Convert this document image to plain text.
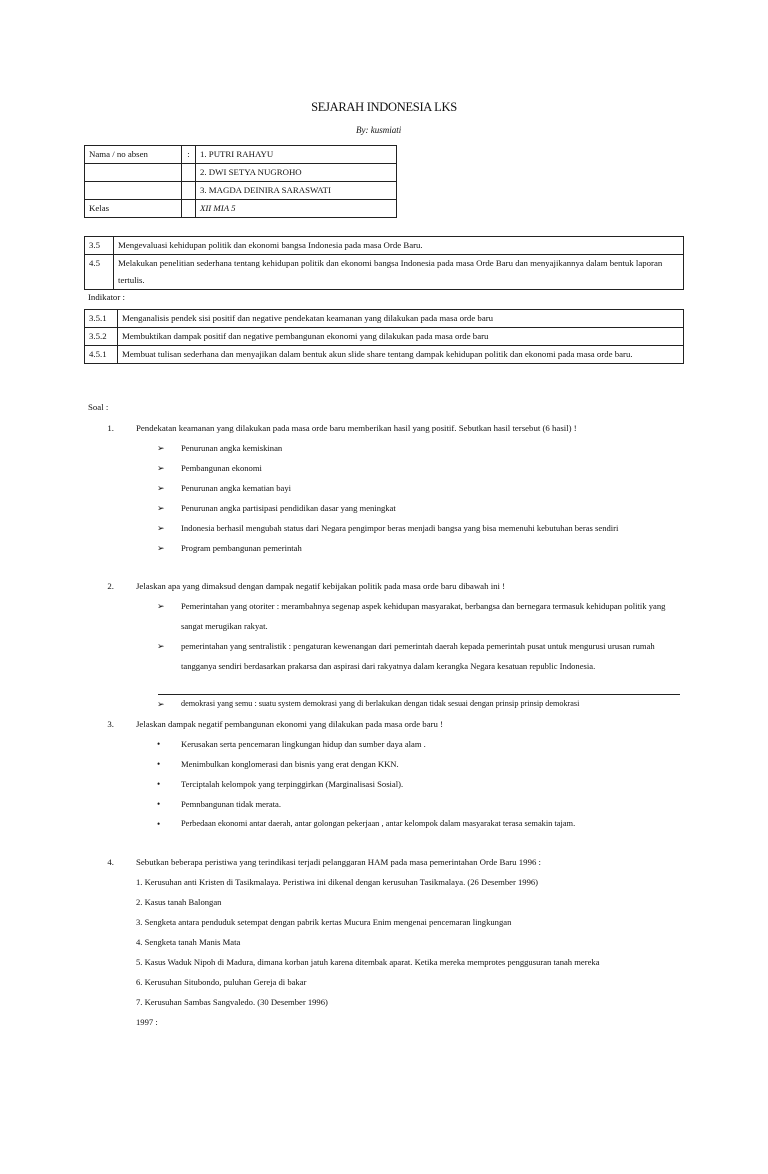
SEJARAH INDONESIA LKS
By: kusmiati
Nama / no absen	:	1. PUTRI RAHAYU
		2. DWI SETYA NUGROHO
		3. MAGDA DEINIRA SARASWATI
Kelas		XII MIA 5
3.5	Mengevaluasi kehidupan politik dan ekonomi bangsa Indonesia pada masa Orde Baru.
4.5	Melakukan penelitian sederhana tentang kehidupan politik dan ekonomi bangsa Indonesia pada masa Orde Baru dan menyajikannya dalam bentuk laporan tertulis.
Indikator :
3.5.1	Menganalisis pendek sisi positif dan negative pendekatan keamanan yang dilakukan pada masa orde baru
3.5.2	Membuktikan dampak positif dan negative pembangunan ekonomi yang dilakukan pada masa orde baru
4.5.1	Membuat tulisan sederhana dan menyajikan dalam bentuk akun slide share tentang dampak kehidupan politik dan ekonomi pada masa orde baru.
Soal :
1.	Pendekatan keamanan yang dilakukan pada masa orde baru memberikan hasil yang positif. Sebutkan hasil tersebut (6 hasil) !
➢ Penurunan angka kemiskinan
➢ Pembangunan ekonomi
➢ Penurunan angka kematian bayi
➢ Penurunan angka partisipasi pendidikan dasar yang meningkat
➢ Indonesia berhasil mengubah status dari Negara pengimpor beras menjadi bangsa yang bisa memenuhi kebutuhan beras sendiri
➢ Program pembangunan pemerintah
2.	Jelaskan apa yang dimaksud dengan dampak negatif kebijakan politik pada masa orde baru dibawah ini !
➢ Pemerintahan yang otoriter : merambahnya segenap aspek kehidupan masyarakat, berbangsa dan bernegara termasuk kehidupan politik yang sangat merugikan rakyat.
➢ pemerintahan yang sentralistik : pengaturan kewenangan dari pemerintah daerah kepada pemerintah pusat untuk mengurusi urusan rumah tangganya sendiri berdasarkan prakarsa dan aspirasi dari rakyatnya dalam kerangka Negara kesatuan republic Indonesia.
➢ demokrasi yang semu : suatu system demokrasi yang di berlakukan dengan tidak sesuai dengan prinsip prinsip demokrasi
3.	Jelaskan dampak negatif pembangunan ekonomi yang dilakukan pada masa orde baru !
• Kerusakan serta pencemaran lingkungan hidup dan sumber daya alam .
• Menimbulkan konglomerasi dan bisnis yang erat dengan KKN.
• Terciptalah kelompok yang terpinggirkan (Marginalisasi Sosial).
• Pemnbangunan tidak merata.
• Perbedaan ekonomi antar daerah, antar golongan pekerjaan , antar kelompok dalam masyarakat terasa semakin tajam.
4.	Sebutkan beberapa peristiwa yang terindikasi terjadi pelanggaran HAM pada masa pemerintahan Orde Baru 1996 :
1. Kerusuhan anti Kristen di Tasikmalaya. Peristiwa ini dikenal dengan kerusuhan Tasikmalaya. (26 Desember 1996)
2. Kasus tanah Balongan
3. Sengketa antara penduduk setempat dengan pabrik kertas Mucura Enim mengenai pencemaran lingkungan
4. Sengketa tanah Manis Mata
5. Kasus Waduk Nipoh di Madura, dimana korban jatuh karena ditembak aparat. Ketika mereka memprotes penggusuran tanah mereka
6. Kerusuhan Situbondo, puluhan Gereja di bakar
7. Kerusuhan Sambas Sangvaledo. (30 Desember 1996)
1997 :
